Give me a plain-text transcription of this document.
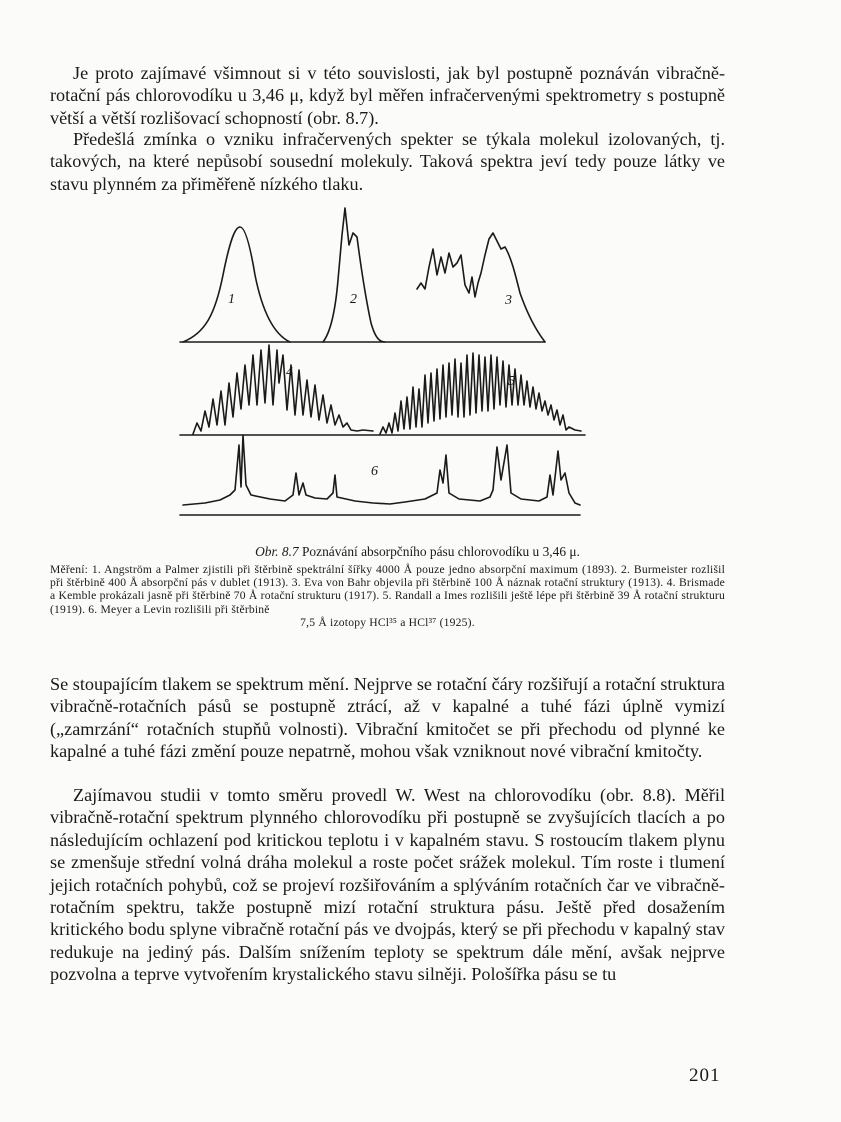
Je proto zajímavé všimnout si v této souvislosti, jak byl postupně poznáván vibračně-rotační pás chlorovodíku u 3,46 μ, když byl měřen infračervenými spektrometry s postupně větší a větší rozlišovací schopností (obr. 8.7).

Předešlá zmínka o vzniku infračervených spekter se týkala molekul izolovaných, tj. takových, na které nepůsobí sousední molekuly. Taková spektra jeví tedy pouze látky ve stavu plynném za přiměřeně nízkého tlaku.

1	2	3
4
5
6
Obr. 8.7 Poznávání absorpčního pásu chlorovodíku u 3,46 μ.
Měření: 1. Angström a Palmer zjistili při štěrbině spektrální šířky 4000 Å pouze jedno absorpční maximum (1893). 2. Burmeister rozlišil při štěrbině 400 Å absorpční pás v dublet (1913). 3. Eva von Bahr objevila při štěrbině 100 Å náznak rotační struktury (1913). 4. Brismade a Kemble prokázali jasně při štěrbině 70 Å rotační strukturu (1917). 5. Randall a Imes rozlišili ještě lépe při štěrbině 39 Å rotační strukturu (1919). 6. Meyer a Levin rozlišili při štěrbině
7,5 Å izotopy HCl³⁵ a HCl³⁷ (1925).

Se stoupajícím tlakem se spektrum mění. Nejprve se rotační čáry rozšiřují a rotační struktura vibračně-rotačních pásů se postupně ztrácí, až v kapalné a tuhé fázi úplně vymizí („zamrzání“ rotačních stupňů volnosti). Vibrační kmitočet se při přechodu od plynné ke kapalné a tuhé fázi změní pouze nepatrně, mohou však vzniknout nové vibrační kmitočty.

Zajímavou studii v tomto směru provedl W. West na chlorovodíku (obr. 8.8). Měřil vibračně-rotační spektrum plynného chlorovodíku při postupně se zvyšujících tlacích a po následujícím ochlazení pod kritickou teplotu i v kapalném stavu. S rostoucím tlakem plynu se zmenšuje střední volná dráha molekul a roste počet srážek molekul. Tím roste i tlumení jejich rotačních pohybů, což se projeví rozšiřováním a splýváním rotačních čar ve vibračně-rotačním spektru, takže postupně mizí rotační struktura pásu. Ještě před dosažením kritického bodu splyne vibračně rotační pás ve dvojpás, který se při přechodu v kapalný stav redukuje na jediný pás. Dalším snížením teploty se spektrum dále mění, avšak nejprve pozvolna a teprve vytvořením krystalického stavu silněji. Pološířka pásu se tu

201
